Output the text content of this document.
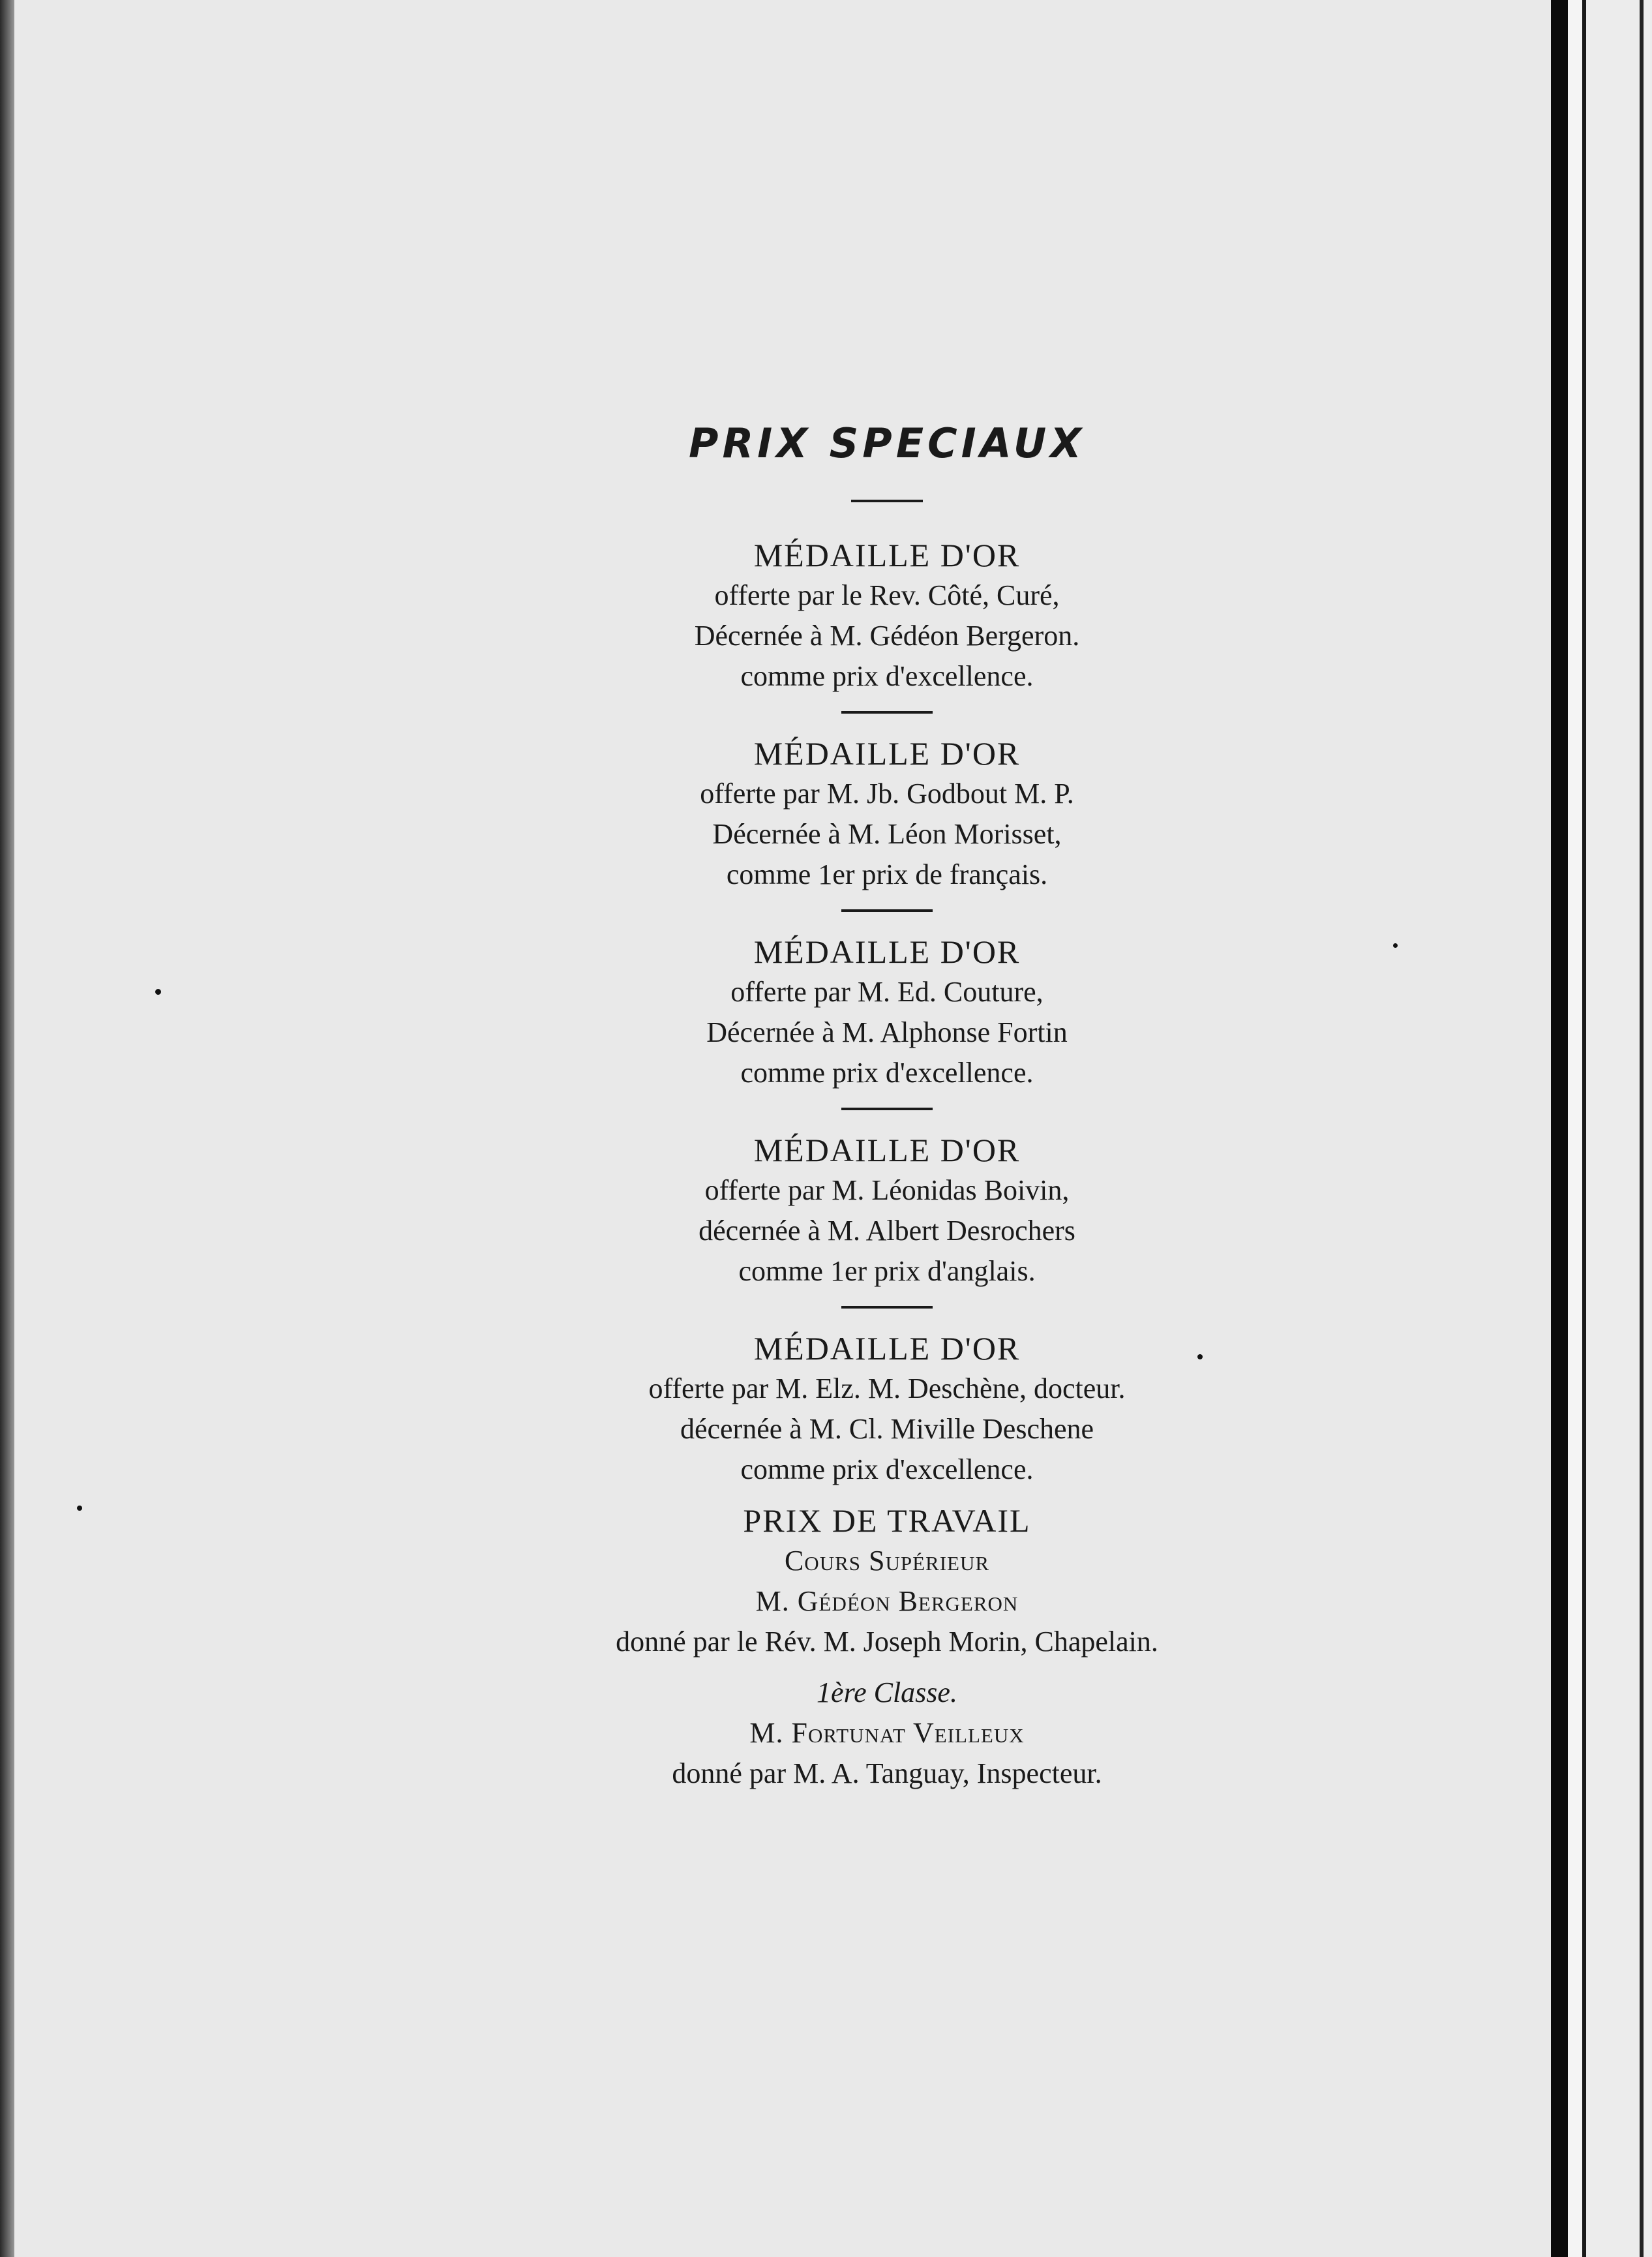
PRIX SPECIAUX
MÉDAILLE D'OR
offerte par le Rev. Côté, Curé,
Décernée à M. Gédéon Bergeron.
comme prix d'excellence.
MÉDAILLE D'OR
offerte par M. Jb. Godbout M. P.
Décernée à M. Léon Morisset,
comme 1er prix de français.
MÉDAILLE D'OR
offerte par M. Ed. Couture,
Décernée à M. Alphonse Fortin
comme prix d'excellence.
MÉDAILLE D'OR
offerte par M. Léonidas Boivin,
décernée à M. Albert Desrochers
comme 1er prix d'anglais.
MÉDAILLE D'OR
offerte par M. Elz. M. Deschène, docteur.
décernée à M. Cl. Miville Deschene
comme prix d'excellence.
PRIX DE TRAVAIL
Cours Supérieur
M. Gédéon Bergeron
donné par le Rév. M. Joseph Morin, Chapelain.
1ère Classe.
M. Fortunat Veilleux
donné par M. A. Tanguay, Inspecteur.
